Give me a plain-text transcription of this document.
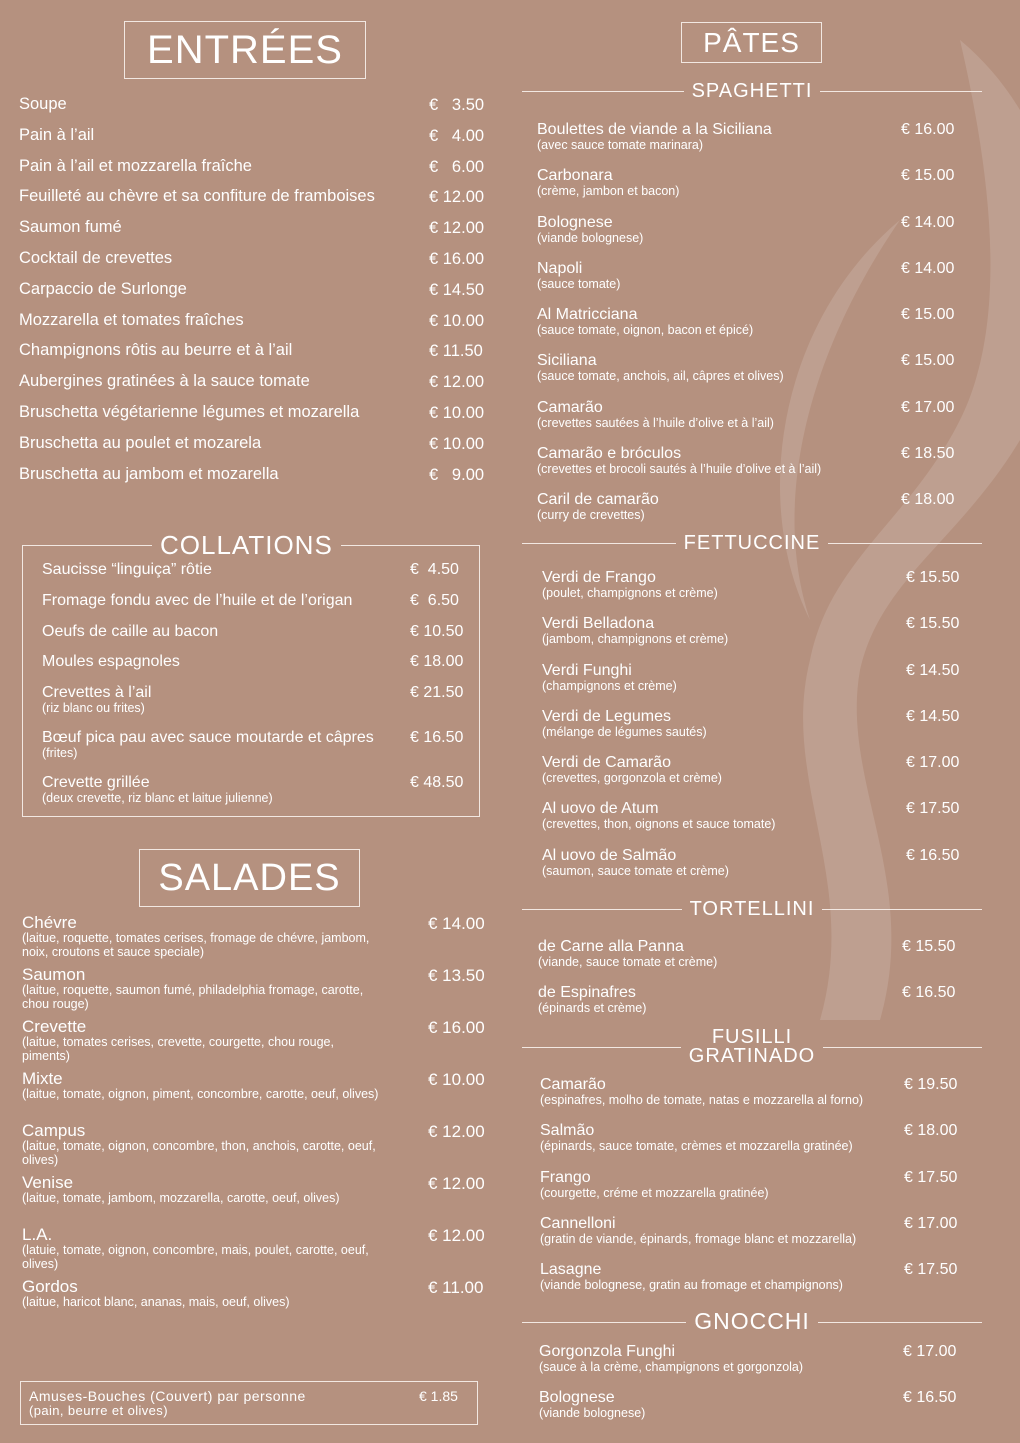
ENTRÉES
Soupe	€   3.50
Pain à l’ail	€   4.00
Pain à l’ail et mozzarella fraîche	€   6.00
Feuilleté au chèvre et sa confiture de framboises	€ 12.00
Saumon fumé	€ 12.00
Cocktail de crevettes	€ 16.00
Carpaccio de Surlonge	€ 14.50
Mozzarella et tomates fraîches	€ 10.00
Champignons rôtis au beurre et à l’ail	€ 11.50
Aubergines gratinées à la sauce tomate	€ 12.00
Bruschetta végétarienne légumes et mozarella	€ 10.00
Bruschetta au poulet et mozarela	€ 10.00
Bruschetta au jambom et mozarella	€   9.00
COLLATIONS
Saucisse “linguiça” rôtie	€  4.50
Fromage fondu avec de l’huile et de l’origan	€  6.50
Oeufs de caille au bacon	€ 10.50
Moules espagnoles	€ 18.00
Crevettes à l’ail
(riz blanc ou frites)
€ 21.50
Bœuf pica pau avec sauce moutarde et câpres
(frites)
€ 16.50
Crevette grillée
(deux crevette, riz blanc et laitue julienne)
€ 48.50
SALADES
Chévre
(laitue, roquette, tomates cerises, fromage de chévre, jambom, noix, croutons et sauce speciale)
€ 14.00
Saumon
(laitue, roquette, saumon fumé, philadelphia fromage, carotte, chou rouge)
€ 13.50
Crevette
(laitue, tomates cerises, crevette, courgette, chou rouge, piments)
€ 16.00
Mixte
(laitue, tomate, oignon, piment, concombre, carotte, oeuf, olives)
€ 10.00
Campus
(laitue, tomate, oignon, concombre, thon, anchois, carotte, oeuf, olives)
€ 12.00
Venise
(laitue, tomate, jambom, mozzarella, carotte, oeuf, olives)
€ 12.00
L.A.
(latuie, tomate, oignon, concombre, mais, poulet, carotte, oeuf, olives)
€ 12.00
Gordos
(laitue, haricot blanc, ananas, mais, oeuf, olives)
€ 11.00
Amuses-Bouches (Couvert) par personne
(pain, beurre et olives)
€ 1.85
PÂTES
SPAGHETTI
Boulettes de viande a la Siciliana
(avec sauce tomate marinara)
€ 16.00
Carbonara
(crème, jambon et bacon)
€ 15.00
Bolognese
(viande bolognese)
€ 14.00
Napoli
(sauce tomate)
€ 14.00
Al Matricciana
(sauce tomate, oignon, bacon et épicé)
€ 15.00
Siciliana
(sauce tomate, anchois, ail, câpres et olives)
€ 15.00
Camarão
(crevettes sautées à l’huile d’olive et à l’ail)
€ 17.00
Camarão e bróculos
(crevettes et brocoli sautés à l’huile d’olive et à l’ail)
€ 18.50
Caril de camarão
(curry de crevettes)
€ 18.00
FETTUCCINE
Verdi de Frango
(poulet, champignons et crème)
€ 15.50
Verdi Belladona
(jambom, champignons et crème)
€ 15.50
Verdi Funghi
(champignons et crème)
€ 14.50
Verdi de Legumes
(mélange de légumes sautés)
€ 14.50
Verdi de Camarão
(crevettes, gorgonzola et crème)
€ 17.00
Al uovo de Atum
(crevettes, thon, oignons et sauce tomate)
€ 17.50
Al uovo de Salmão
(saumon, sauce tomate et crème)
€ 16.50
TORTELLINI
de Carne alla Panna
(viande, sauce tomate et crème)
€ 15.50
de Espinafres
(épinards et crème)
€ 16.50
FUSILLI
GRATINADO
Camarão
(espinafres, molho de tomate, natas e mozzarella al forno)
€ 19.50
Salmão
(épinards, sauce tomate, crèmes et mozzarella gratinée)
€ 18.00
Frango
(courgette, créme et mozzarella gratinée)
€ 17.50
Cannelloni
(gratin de viande, épinards, fromage blanc et mozzarella)
€ 17.00
Lasagne
(viande bolognese, gratin au fromage et champignons)
€ 17.50
GNOCCHI
Gorgonzola Funghi
(sauce à la crème, champignons et gorgonzola)
€ 17.00
Bolognese
(viande bolognese)
€ 16.50
